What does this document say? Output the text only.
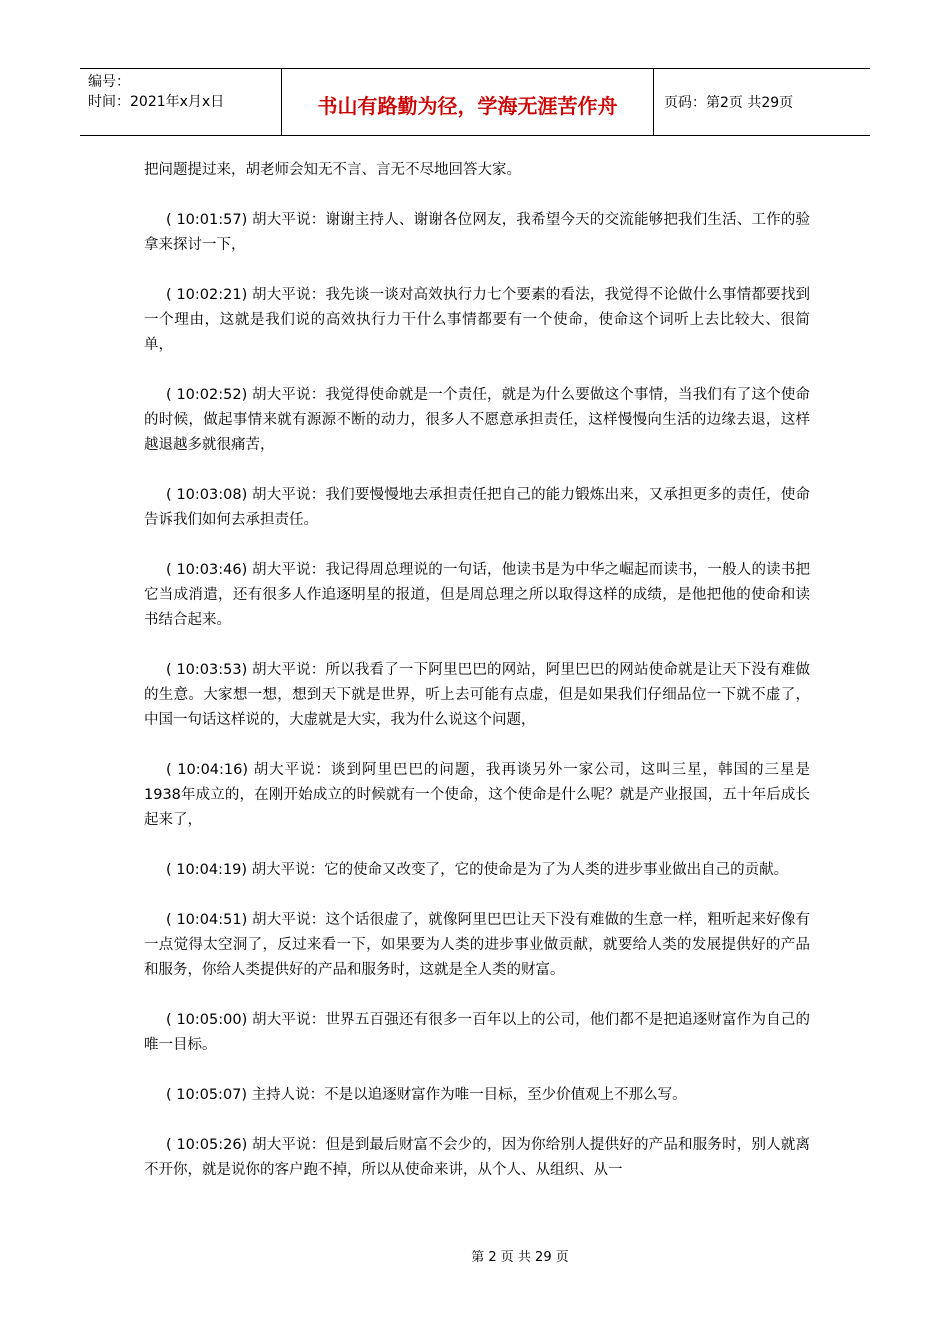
编号：
时间：2021年x月x日	书山有路勤为径，学海无涯苦作舟	页码：第2页 共29页

把问题提过来，胡老师会知无不言、言无不尽地回答大家。

( 10:01:57) 胡大平说：谢谢主持人、谢谢各位网友，我希望今天的交流能够把我们生活、工作的验拿来探讨一下，

( 10:02:21) 胡大平说：我先谈一谈对高效执行力七个要素的看法，我觉得不论做什么事情都要找到一个理由，这就是我们说的高效执行力干什么事情都要有一个使命，使命这个词听上去比较大、很简单，

( 10:02:52) 胡大平说：我觉得使命就是一个责任，就是为什么要做这个事情，当我们有了这个使命的时候，做起事情来就有源源不断的动力，很多人不愿意承担责任，这样慢慢向生活的边缘去退，这样越退越多就很痛苦，

( 10:03:08) 胡大平说：我们要慢慢地去承担责任把自己的能力锻炼出来，又承担更多的责任，使命告诉我们如何去承担责任。

( 10:03:46) 胡大平说：我记得周总理说的一句话，他读书是为中华之崛起而读书，一般人的读书把它当成消遣，还有很多人作追逐明星的报道，但是周总理之所以取得这样的成绩，是他把他的使命和读书结合起来。

( 10:03:53) 胡大平说：所以我看了一下阿里巴巴的网站，阿里巴巴的网站使命就是让天下没有难做的生意。大家想一想，想到天下就是世界，听上去可能有点虚，但是如果我们仔细品位一下就不虚了，中国一句话这样说的，大虚就是大实，我为什么说这个问题，

( 10:04:16) 胡大平说：谈到阿里巴巴的问题，我再谈另外一家公司，这叫三星，韩国的三星是1938年成立的，在刚开始成立的时候就有一个使命，这个使命是什么呢？就是产业报国，五十年后成长起来了，

( 10:04:19) 胡大平说：它的使命又改变了，它的使命是为了为人类的进步事业做出自己的贡献。

( 10:04:51) 胡大平说：这个话很虚了，就像阿里巴巴让天下没有难做的生意一样，粗听起来好像有一点觉得太空洞了，反过来看一下，如果要为人类的进步事业做贡献，就要给人类的发展提供好的产品和服务，你给人类提供好的产品和服务时，这就是全人类的财富。

( 10:05:00) 胡大平说：世界五百强还有很多一百年以上的公司，他们都不是把追逐财富作为自己的唯一目标。

( 10:05:07) 主持人说：不是以追逐财富作为唯一目标，至少价值观上不那么写。

( 10:05:26) 胡大平说：但是到最后财富不会少的，因为你给别人提供好的产品和服务时，别人就离不开你，就是说你的客户跑不掉，所以从使命来讲，从个人、从组织、从一

第 2 页 共 29 页
